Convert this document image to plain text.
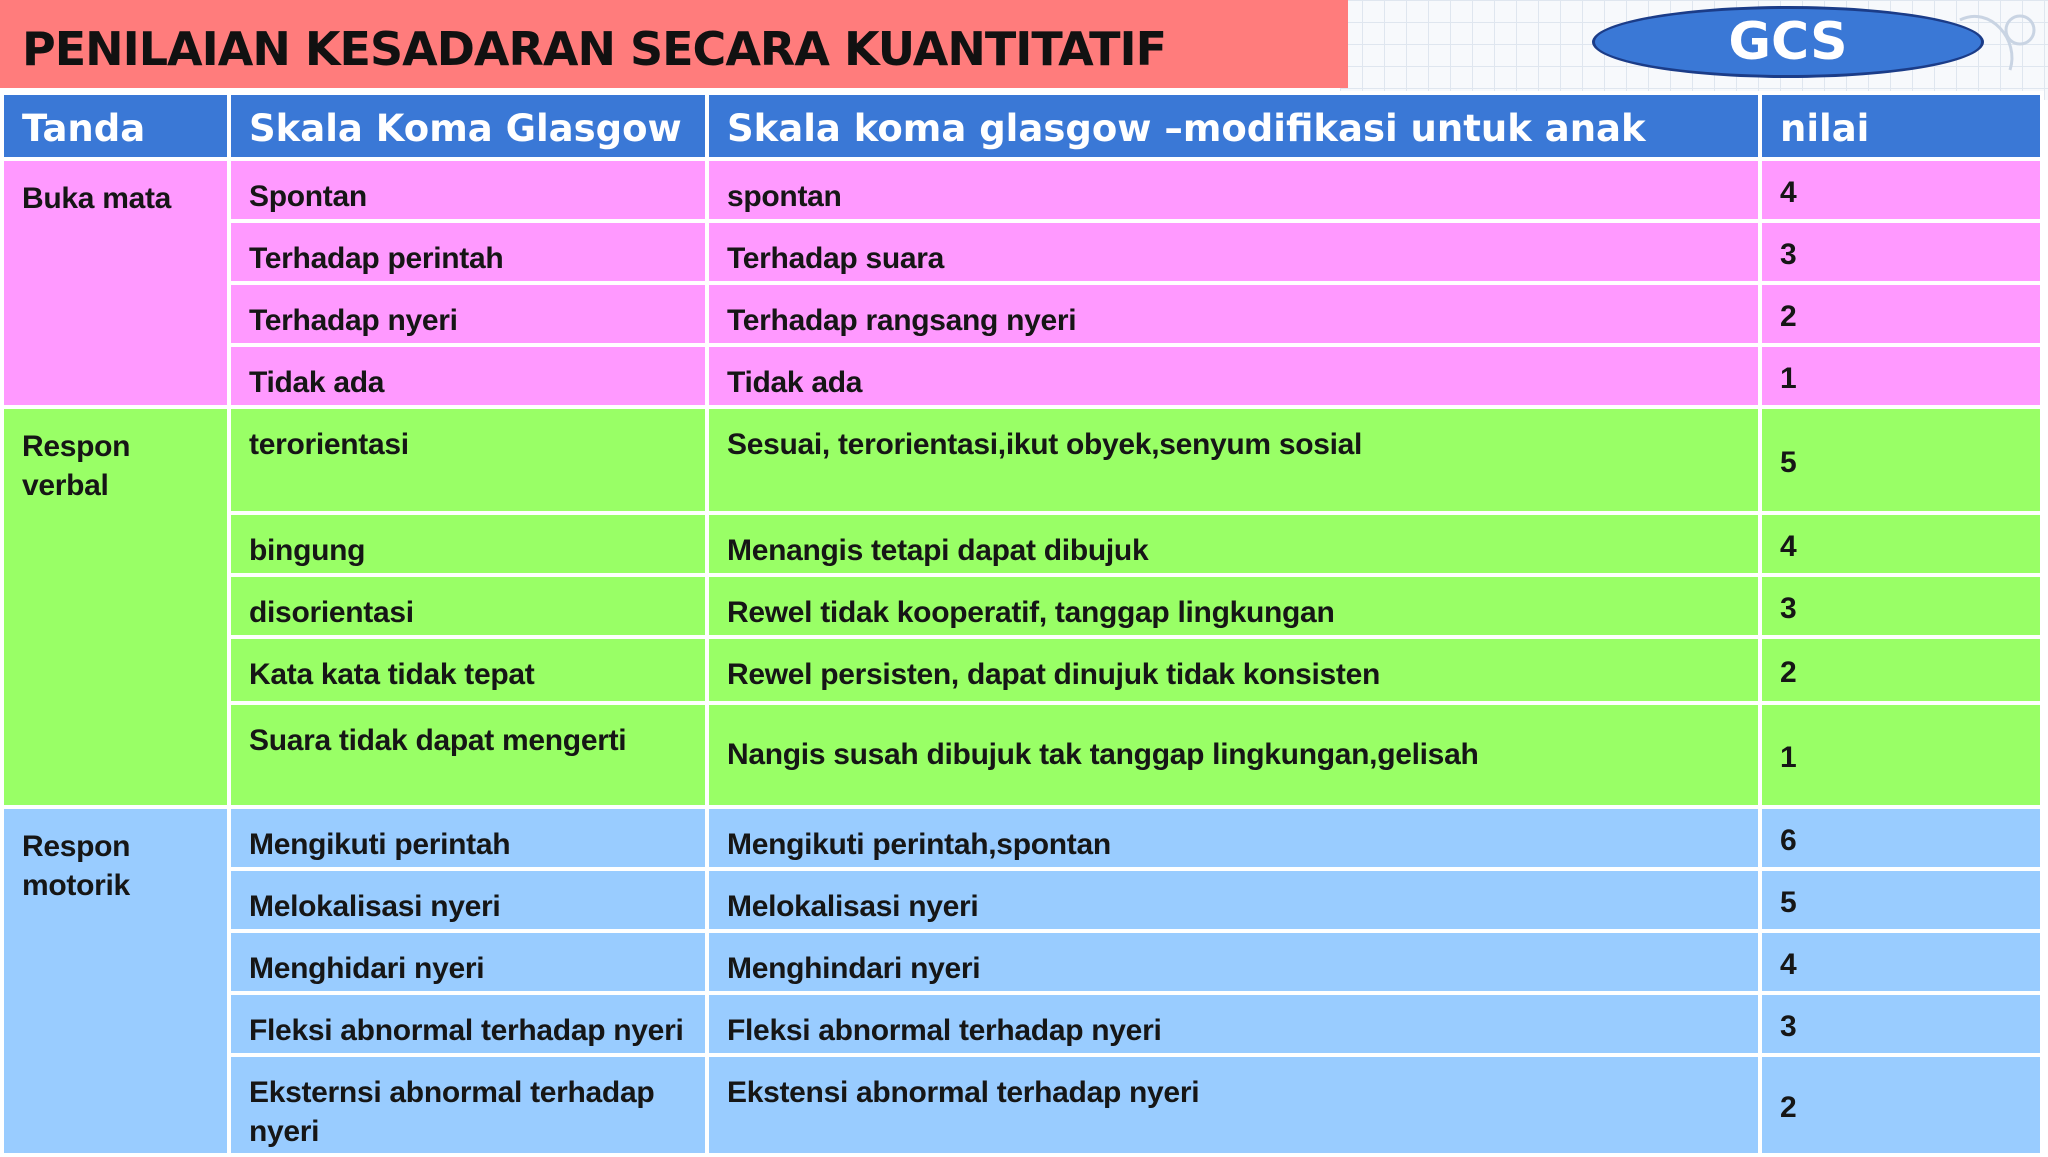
PENILAIAN KESADARAN SECARA KUANTITATIF	GCS
Tanda	Skala Koma Glasgow	Skala koma glasgow –modifikasi untuk anak	nilai
Buka mata	Spontan	spontan	4
	Terhadap perintah	Terhadap suara	3
	Terhadap nyeri	Terhadap rangsang nyeri	2
	Tidak ada	Tidak ada	1
Respon verbal	terorientasi	Sesuai, terorientasi,ikut obyek,senyum sosial	5
	bingung	Menangis tetapi dapat dibujuk	4
	disorientasi	Rewel tidak kooperatif, tanggap lingkungan	3
	Kata kata tidak tepat	Rewel persisten, dapat dinujuk tidak konsisten	2
	Suara tidak dapat mengerti	Nangis susah dibujuk tak tanggap lingkungan,gelisah	1
Respon motorik	Mengikuti perintah	Mengikuti perintah,spontan	6
	Melokalisasi nyeri	Melokalisasi nyeri	5
	Menghidari nyeri	Menghindari nyeri	4
	Fleksi abnormal terhadap nyeri	Fleksi abnormal terhadap nyeri	3
	Eksternsi abnormal terhadap nyeri	Ekstensi abnormal terhadap nyeri	2
